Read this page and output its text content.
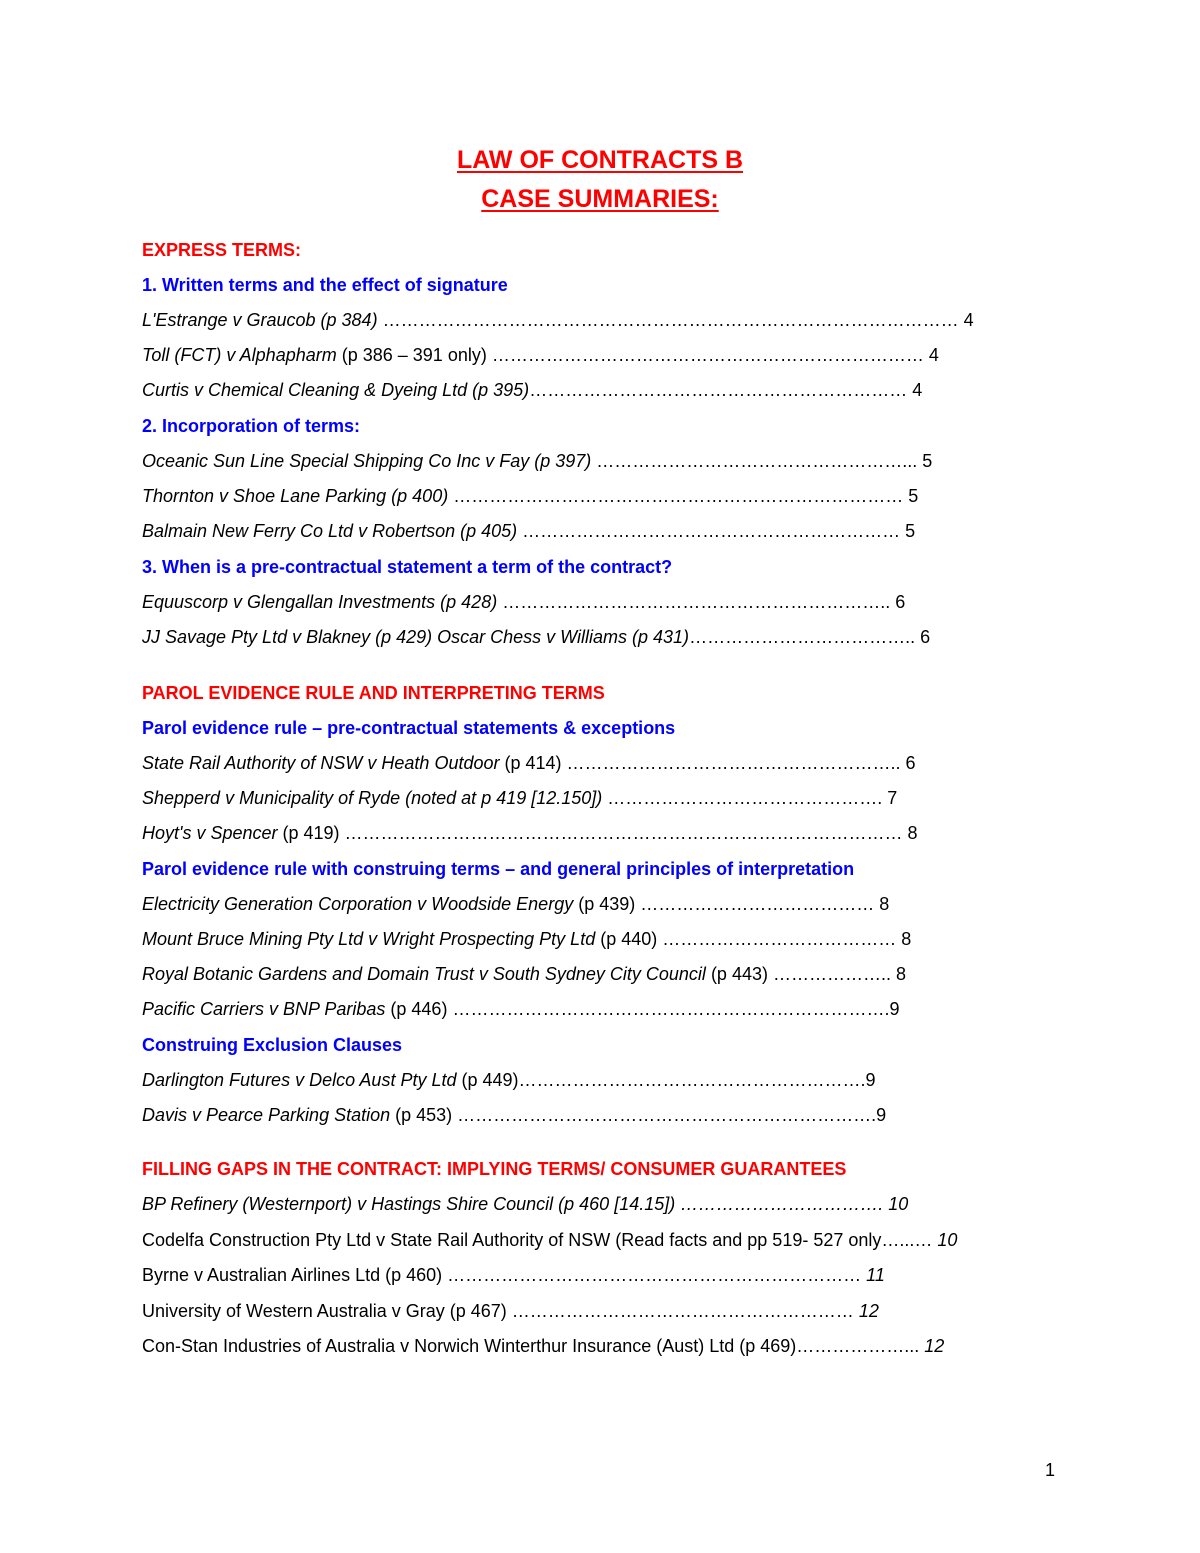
LAW OF CONTRACTS B
CASE SUMMARIES:
EXPRESS TERMS:
1. Written terms and the effect of signature
L'Estrange v Graucob (p 384) …………………………………………………………………………………… 4
Toll (FCT) v Alphapharm (p 386 – 391 only) ……………………………………………………………… 4
Curtis v Chemical Cleaning & Dyeing Ltd (p 395)……………………………………………………… 4
2. Incorporation of terms:
Oceanic Sun Line Special Shipping Co Inc v Fay (p 397) ……………………………………………... 5
Thornton v Shoe Lane Parking (p 400) ………………………………………………………………… 5
Balmain New Ferry Co Ltd v Robertson (p 405) ……………………………………………………… 5
3. When is a pre-contractual statement a term of the contract?
Equuscorp v Glengallan Investments (p 428) ……………………………………………………….. 6
JJ Savage Pty Ltd v Blakney (p 429) Oscar Chess v Williams (p 431)……………………………….. 6
PAROL EVIDENCE RULE AND INTERPRETING TERMS
Parol evidence rule – pre-contractual statements & exceptions
State Rail Authority of NSW v Heath Outdoor (p 414) ……………………………………………….. 6
Shepperd v Municipality of Ryde (noted at p 419 [12.150]) ………………………………………. 7
Hoyt's v Spencer (p 419) ………………………………………………………………………………… 8
Parol evidence rule with construing terms – and general principles of interpretation
Electricity Generation Corporation v Woodside Energy (p 439) ………………………………… 8
Mount Bruce Mining Pty Ltd v Wright Prospecting Pty Ltd (p 440) ………………………………… 8
Royal Botanic Gardens and Domain Trust v South Sydney City Council (p 443) ……………….. 8
Pacific Carriers v BNP Paribas (p 446) ……………………………………………………………….9
Construing Exclusion Clauses
Darlington Futures v Delco Aust Pty Ltd (p 449)………………………………………………….9
Davis v Pearce Parking Station (p 453) …………………………………………………………….9
FILLING GAPS IN THE CONTRACT: IMPLYING TERMS/ CONSUMER GUARANTEES
BP Refinery (Westernport) v Hastings Shire Council (p 460 [14.15]) ……………………………. 10
Codelfa Construction Pty Ltd v State Rail Authority of NSW (Read facts and pp 519- 527 only…...… 10
Byrne v Australian Airlines Ltd (p 460) …………………………………………………………… 11
University of Western Australia v Gray (p 467) ………………………………………………… 12
Con-Stan Industries of Australia v Norwich Winterthur Insurance (Aust) Ltd (p 469)………………... 12
1
